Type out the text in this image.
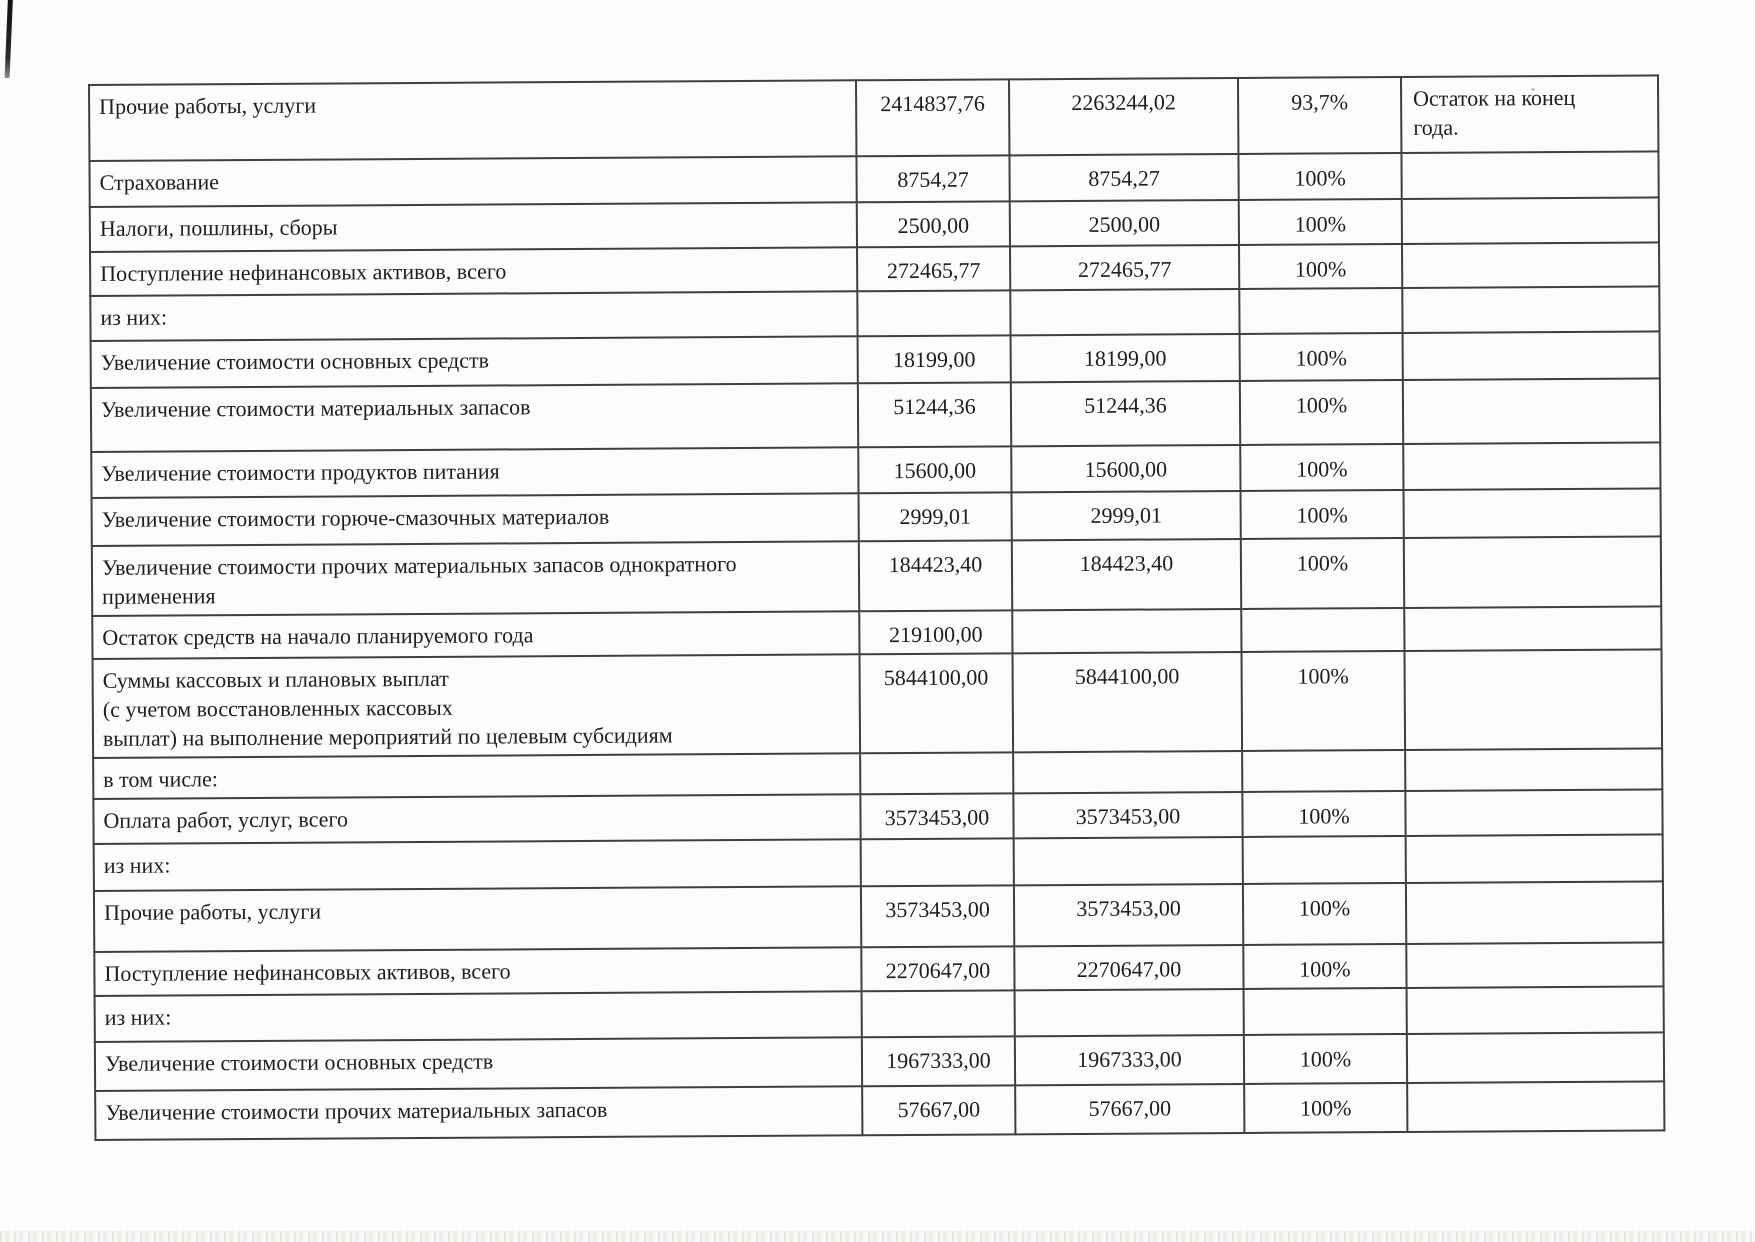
Прочие работы, услуги	2414837,76	2263244,02	93,7%	Остаток на конец
года.
Страхование	8754,27	8754,27	100%	
Налоги, пошлины, сборы	2500,00	2500,00	100%	
Поступление нефинансовых активов, всего	272465,77	272465,77	100%	
из них:				
Увеличение стоимости основных средств	18199,00	18199,00	100%	
Увеличение стоимости материальных запасов	51244,36	51244,36	100%	
Увеличение стоимости продуктов питания	15600,00	15600,00	100%	
Увеличение стоимости горюче-смазочных материалов	2999,01	2999,01	100%	
Увеличение стоимости прочих материальных запасов однократного
применения	184423,40	184423,40	100%	
Остаток средств на начало планируемого года	219100,00			
Суммы кассовых и плановых выплат
(с учетом восстановленных кассовых
выплат) на выполнение мероприятий по целевым субсидиям	5844100,00	5844100,00	100%	
в том числе:				
Оплата работ, услуг, всего	3573453,00	3573453,00	100%	
из них:				
Прочие работы, услуги	3573453,00	3573453,00	100%	
Поступление нефинансовых активов, всего	2270647,00	2270647,00	100%	
из них:				
Увеличение стоимости основных средств	1967333,00	1967333,00	100%	
Увеличение стоимости прочих материальных запасов	57667,00	57667,00	100%	
